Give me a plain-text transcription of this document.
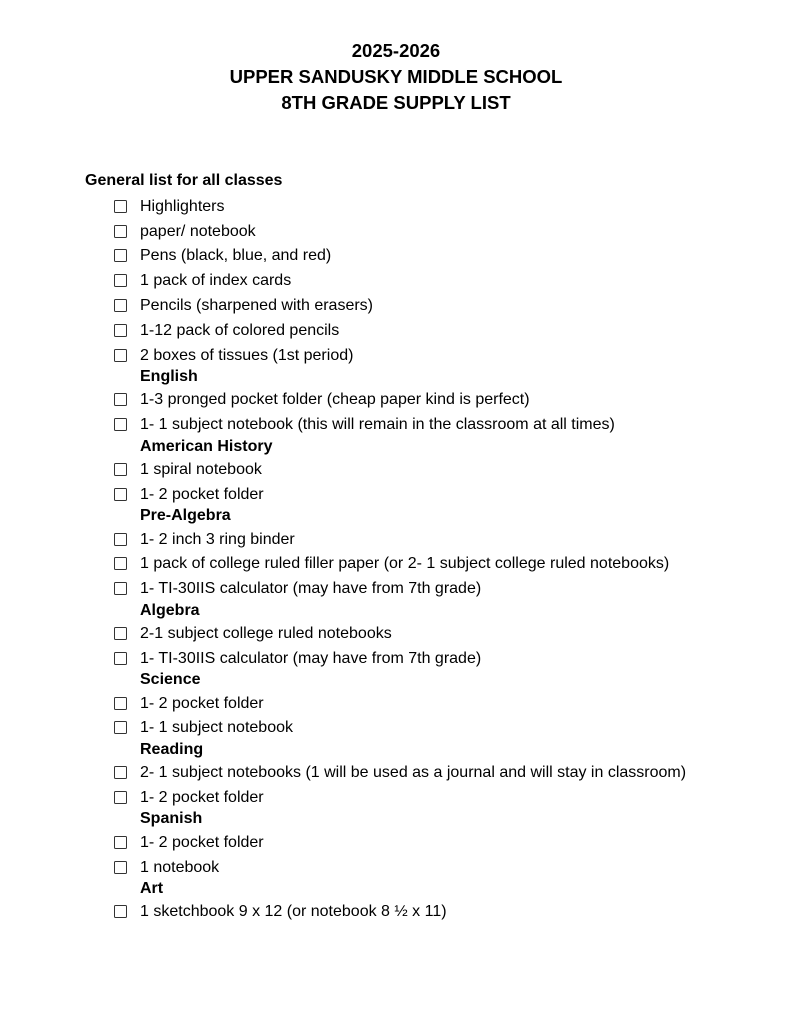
2025-2026
UPPER SANDUSKY MIDDLE SCHOOL
8TH GRADE SUPPLY LIST
General list for all classes
Highlighters
paper/ notebook
Pens (black, blue, and red)
1 pack of index cards
Pencils (sharpened with erasers)
1-12 pack of colored pencils
2 boxes of tissues (1st period)
English
1-3 pronged pocket folder (cheap paper kind is perfect)
1- 1 subject notebook (this will remain in the classroom at all times)
American History
1 spiral notebook
1- 2 pocket folder
Pre-Algebra
1- 2 inch 3 ring binder
1 pack of college ruled filler paper (or 2- 1 subject college ruled notebooks)
1- TI-30IIS calculator (may have from 7th grade)
Algebra
2-1 subject college ruled notebooks
1- TI-30IIS calculator (may have from 7th grade)
Science
1- 2 pocket folder
1- 1 subject notebook
Reading
2- 1 subject notebooks (1 will be used as a journal and will stay in classroom)
1- 2 pocket folder
Spanish
1- 2 pocket folder
1 notebook
Art
1 sketchbook 9 x 12 (or notebook 8 ½ x 11)
